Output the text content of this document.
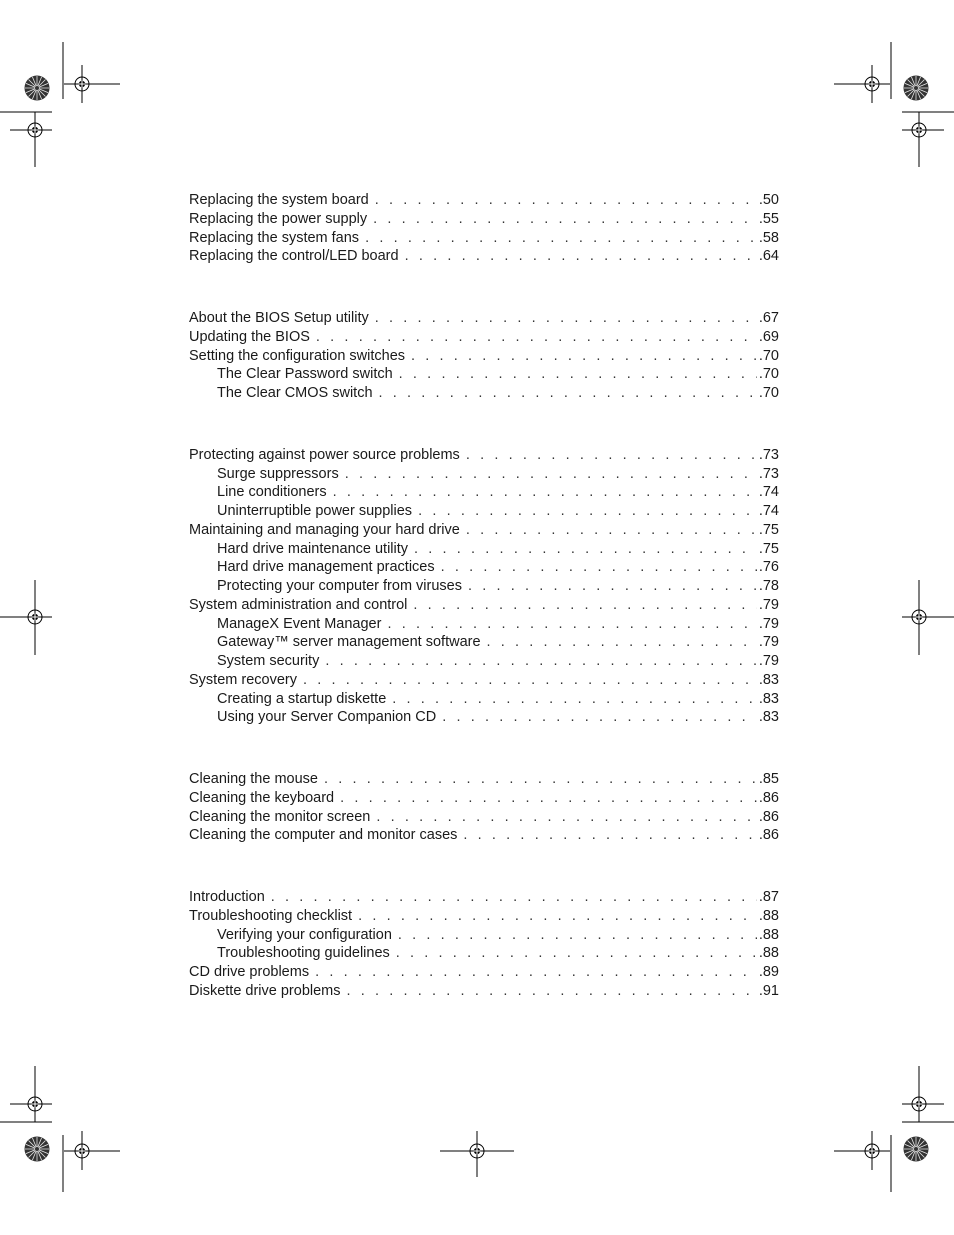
Replacing the system board . . .	.50
Replacing the power supply . . .	.55
Replacing the system fans . . .	.58
Replacing the control/LED board . . .	.64
About the BIOS Setup utility . . .	.67
Updating the BIOS . . .	.69
Setting the configuration switches . . .	.70
The Clear Password switch . . .	.70
The Clear CMOS switch . . .	.70
Protecting against power source problems . . .	.73
Surge suppressors . . .	.73
Line conditioners . . .	.74
Uninterruptible power supplies . . .	.74
Maintaining and managing your hard drive . . .	.75
Hard drive maintenance utility . . .	.75
Hard drive management practices . . .	.76
Protecting your computer from viruses . . .	.78
System administration and control . . .	.79
ManageX Event Manager . . .	.79
Gateway™ server management software . . .	.79
System security . . .	.79
System recovery . . .	.83
Creating a startup diskette . . .	.83
Using your Server Companion CD . . .	.83
Cleaning the mouse . . .	.85
Cleaning the keyboard . . .	.86
Cleaning the monitor screen . . .	.86
Cleaning the computer and monitor cases . . .	.86
Introduction . . .	.87
Troubleshooting checklist . . .	.88
Verifying your configuration . . .	.88
Troubleshooting guidelines . . .	.88
CD drive problems . . .	.89
Diskette drive problems . . .	.91
